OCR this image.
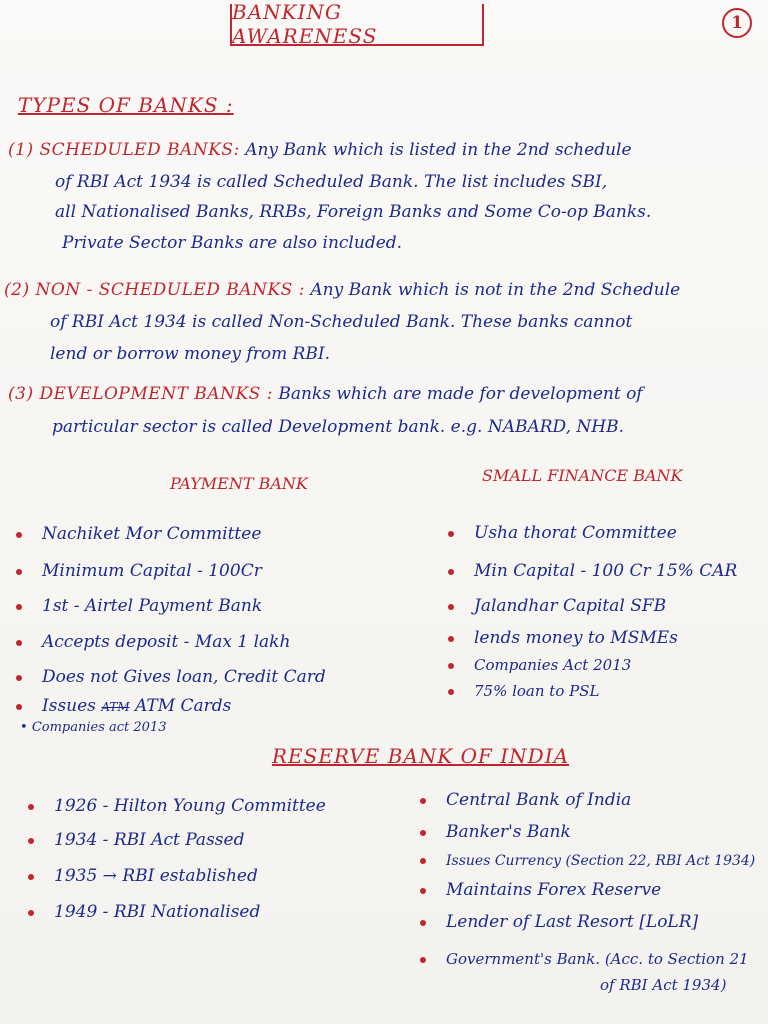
BANKING AWARENESS
1
TYPES OF BANKS :
(1) SCHEDULED BANKS: Any Bank which is listed in the 2nd schedule
of RBI Act 1934 is called Scheduled Bank. The list includes SBI,
all Nationalised Banks, RRBs, Foreign Banks and Some Co-op Banks.
Private Sector Banks are also included.
(2) NON - SCHEDULED BANKS : Any Bank which is not in the 2nd Schedule
of RBI Act 1934 is called Non-Scheduled Bank. These banks cannot
lend or borrow money from RBI.
(3) DEVELOPMENT BANKS : Banks which are made for development of
particular sector is called Development bank. e.g. NABARD, NHB.
PAYMENT BANK
Nachiket Mor Committee
Minimum Capital - 100Cr
1st - Airtel Payment Bank
Accepts deposit - Max 1 lakh
Does not Gives loan, Credit Card
Issues ATM ATM Cards
• Companies act 2013
SMALL FINANCE BANK
Usha thorat Committee
Min Capital - 100 Cr 15% CAR
Jalandhar Capital SFB
lends money to MSMEs
Companies Act 2013
75% loan to PSL
RESERVE BANK OF INDIA
1926 - Hilton Young Committee
1934 - RBI Act Passed
1935 → RBI established
1949 - RBI Nationalised
Central Bank of India
Banker's Bank
Issues Currency (Section 22, RBI Act 1934)
Maintains Forex Reserve
Lender of Last Resort [LoLR]
Government's Bank. (Acc. to Section 21
of RBI Act 1934)
